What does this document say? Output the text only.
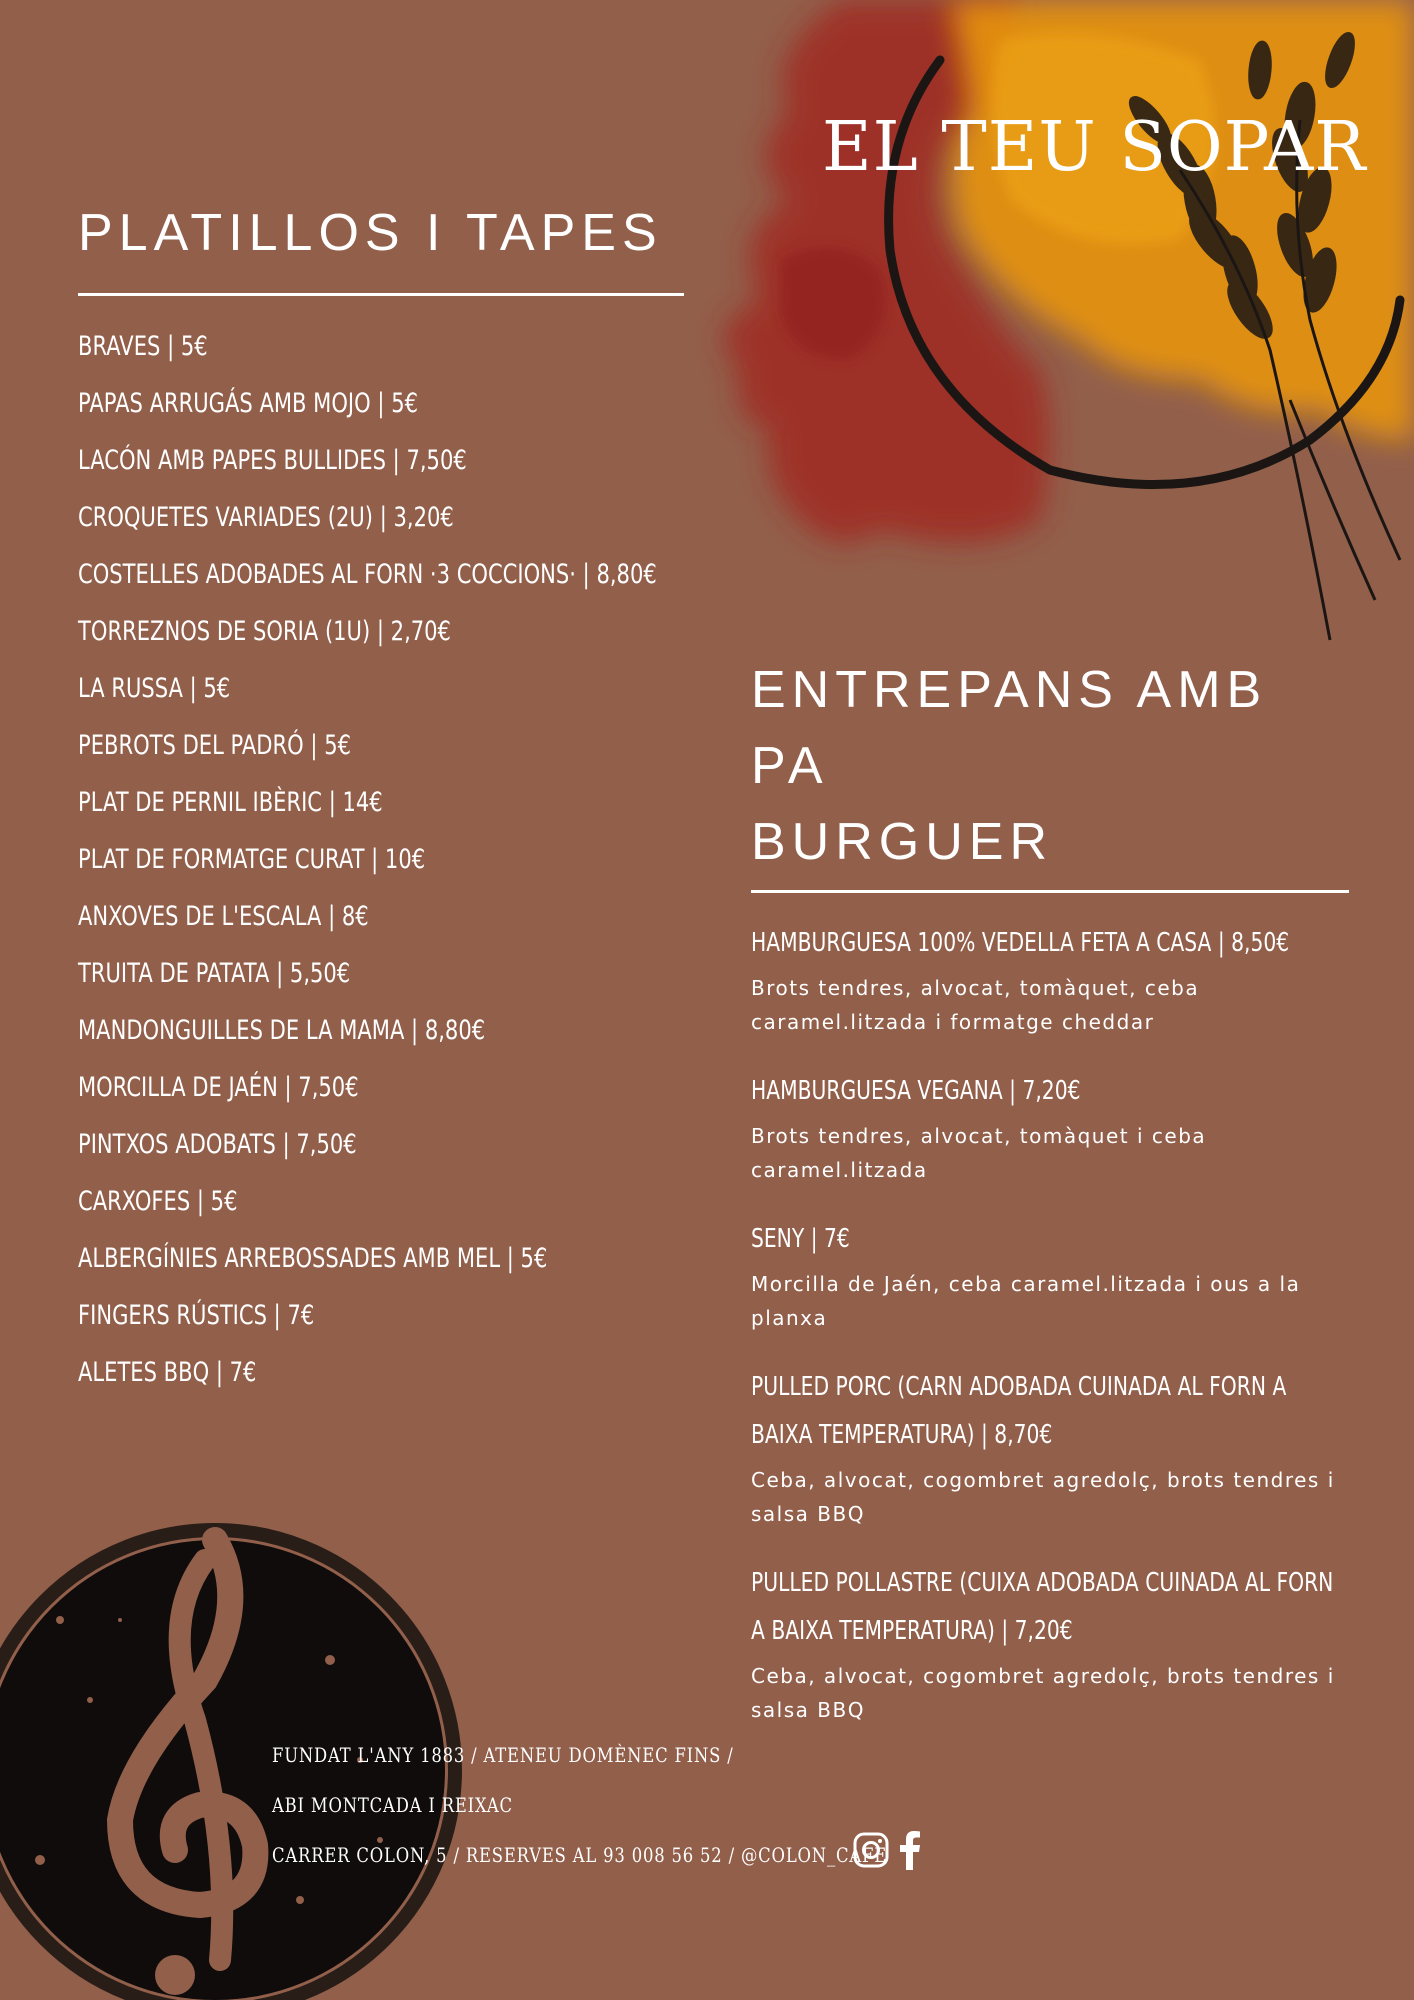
EL TEU SOPAR
PLATILLOS I TAPES
BRAVES | 5€
PAPAS ARRUGÁS AMB MOJO | 5€
LACÓN AMB PAPES BULLIDES | 7,50€
CROQUETES VARIADES (2U) | 3,20€
COSTELLES ADOBADES AL FORN ·3 COCCIONS· | 8,80€
TORREZNOS DE SORIA (1U) | 2,70€
LA RUSSA | 5€
PEBROTS DEL PADRÓ | 5€
PLAT DE PERNIL IBÈRIC | 14€
PLAT DE FORMATGE CURAT | 10€
ANXOVES DE L'ESCALA | 8€
TRUITA DE PATATA | 5,50€
MANDONGUILLES DE LA MAMA | 8,80€
MORCILLA DE JAÉN | 7,50€
PINTXOS ADOBATS | 7,50€
CARXOFES | 5€
ALBERGÍNIES ARREBOSSADES AMB MEL | 5€
FINGERS RÚSTICS | 7€
ALETES BBQ | 7€
ENTREPANS AMB PA
BURGUER
HAMBURGUESA 100% VEDELLA FETA A CASA | 8,50€
Brots tendres, alvocat, tomàquet, ceba caramel.litzada i formatge cheddar
HAMBURGUESA VEGANA | 7,20€
Brots tendres, alvocat, tomàquet i ceba caramel.litzada
SENY | 7€
Morcilla de Jaén, ceba caramel.litzada i ous a la planxa
PULLED PORC (CARN ADOBADA CUINADA AL FORN A BAIXA TEMPERATURA) | 8,70€
Ceba, alvocat, cogombret agredolç, brots tendres i salsa BBQ
PULLED POLLASTRE (CUIXA ADOBADA CUINADA AL FORN A BAIXA TEMPERATURA) | 7,20€
Ceba, alvocat, cogombret agredolç, brots tendres i salsa BBQ
FUNDAT L'ANY 1883 / ATENEU DOMÈNEC FINS /
ABI MONTCADA I REIXAC
CARRER COLON, 5 / RESERVES AL 93 008 56 52 / @COLON_CAFE
